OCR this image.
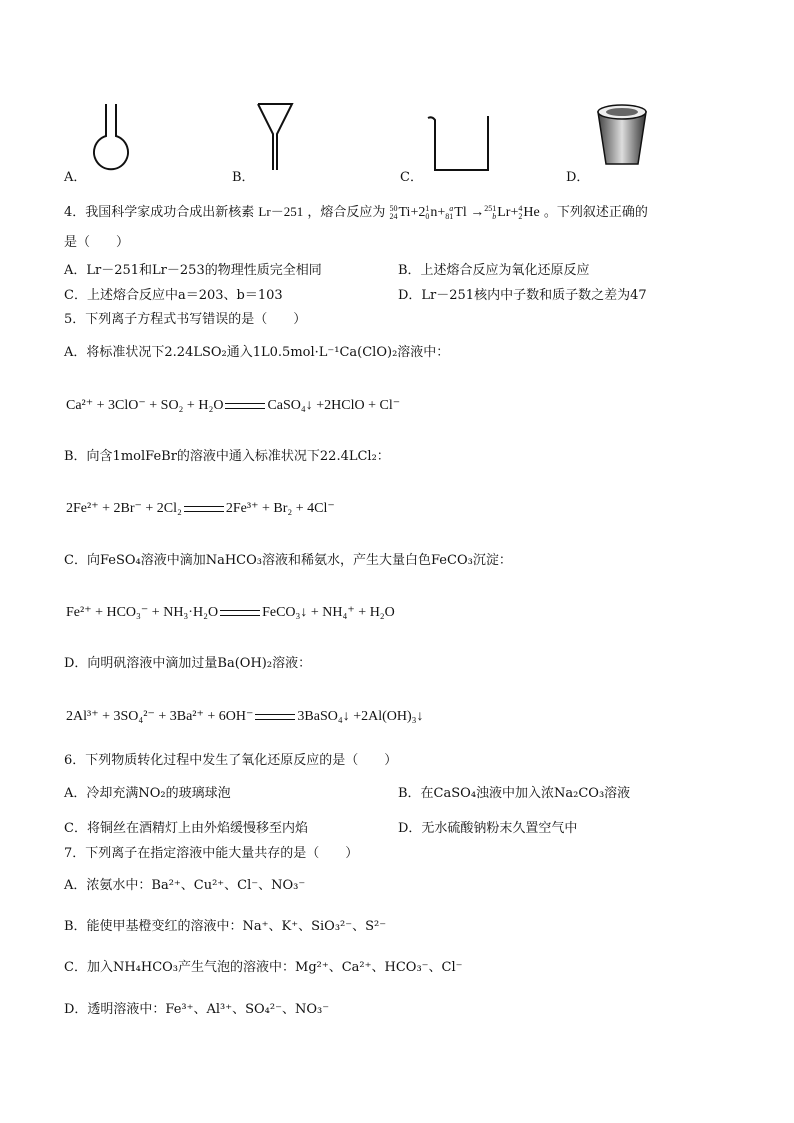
A．	B．	C．	D．
4．我国科学家成功合成出新核素 Lr－251 ，熔合反应为 50
24 Ti+2 1
0 n+ a
81 Tl → 251
b Lr+ 4
2 He 。下列叙述正确的
是（　　）
A．Lr－251和Lr－253的物理性质完全相同	B．上述熔合反应为氧化还原反应
C．上述熔合反应中a＝203、b＝103	D．Lr－251核内中子数和质子数之差为47
5．下列离子方程式书写错误的是（　　）
A．将标准状况下2.24LSO₂通入1L0.5mol·L⁻¹Ca(ClO)₂溶液中：
Ca²⁺ + 3ClO⁻ + SO₂ + H₂O	CaSO₄↓ +2HClO + Cl⁻
B．向含1molFeBr的溶液中通入标准状况下22.4LCl₂：
2Fe²⁺ + 2Br⁻ + 2Cl₂	2Fe³⁺ + Br₂ + 4Cl⁻
C．向FeSO₄溶液中滴加NaHCO₃溶液和稀氨水，产生大量白色FeCO₃沉淀：
Fe²⁺ + HCO₃⁻ + NH₃·H₂O	FeCO₃↓ + NH₄⁺ + H₂O
D．向明矾溶液中滴加过量Ba(OH)₂溶液：
2Al³⁺ + 3SO₄²⁻ + 3Ba²⁺ + 6OH⁻	3BaSO₄↓ +2Al(OH)₃↓
6．下列物质转化过程中发生了氧化还原反应的是（　　）
A．冷却充满NO₂的玻璃球泡	B．在CaSO₄浊液中加入浓Na₂CO₃溶液
C．将铜丝在酒精灯上由外焰缓慢移至内焰	D．无水硫酸钠粉末久置空气中
7．下列离子在指定溶液中能大量共存的是（　　）
A．浓氨水中：Ba²⁺、Cu²⁺、Cl⁻、NO₃⁻
B．能使甲基橙变红的溶液中：Na⁺、K⁺、SiO₃²⁻、S²⁻
C．加入NH₄HCO₃产生气泡的溶液中：Mg²⁺、Ca²⁺、HCO₃⁻、Cl⁻
D．透明溶液中：Fe³⁺、Al³⁺、SO₄²⁻、NO₃⁻
